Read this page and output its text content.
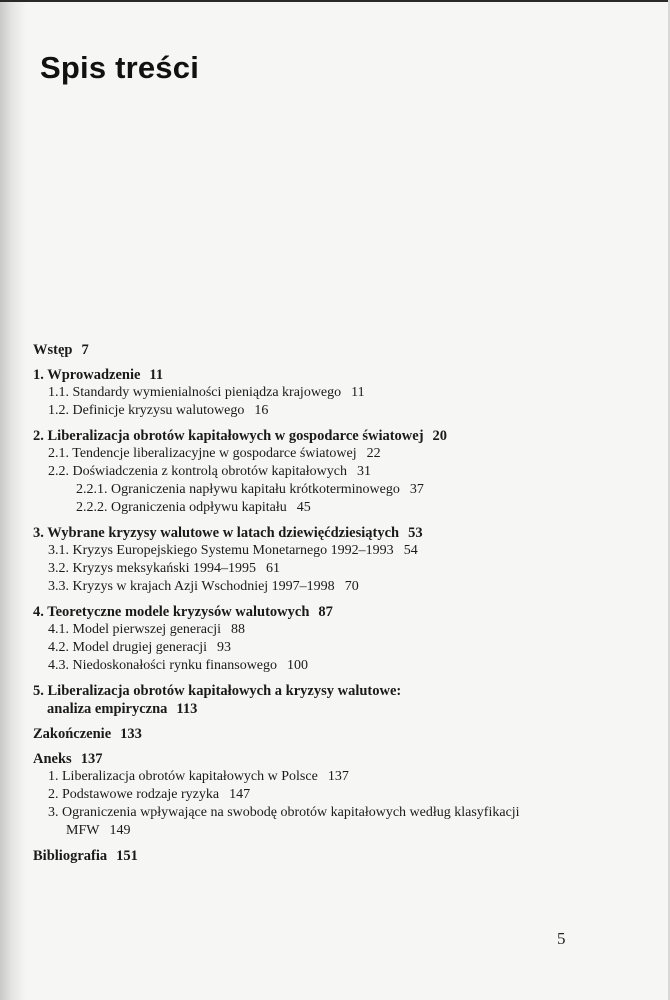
Spis treści
Wstęp 7
1. Wprowadzenie 11
1.1. Standardy wymienialności pieniądza krajowego 11
1.2. Definicje kryzysu walutowego 16
2. Liberalizacja obrotów kapitałowych w gospodarce światowej 20
2.1. Tendencje liberalizacyjne w gospodarce światowej 22
2.2. Doświadczenia z kontrolą obrotów kapitałowych 31
2.2.1. Ograniczenia napływu kapitału krótkoterminowego 37
2.2.2. Ograniczenia odpływu kapitału 45
3. Wybrane kryzysy walutowe w latach dziewięćdziesiątych 53
3.1. Kryzys Europejskiego Systemu Monetarnego 1992–1993 54
3.2. Kryzys meksykański 1994–1995 61
3.3. Kryzys w krajach Azji Wschodniej 1997–1998 70
4. Teoretyczne modele kryzysów walutowych 87
4.1. Model pierwszej generacji 88
4.2. Model drugiej generacji 93
4.3. Niedoskonałości rynku finansowego 100
5. Liberalizacja obrotów kapitałowych a kryzysy walutowe:
analiza empiryczna 113
Zakończenie 133
Aneks 137
1. Liberalizacja obrotów kapitałowych w Polsce 137
2. Podstawowe rodzaje ryzyka 147
3. Ograniczenia wpływające na swobodę obrotów kapitałowych według klasyfikacji
MFW 149
Bibliografia 151
5
